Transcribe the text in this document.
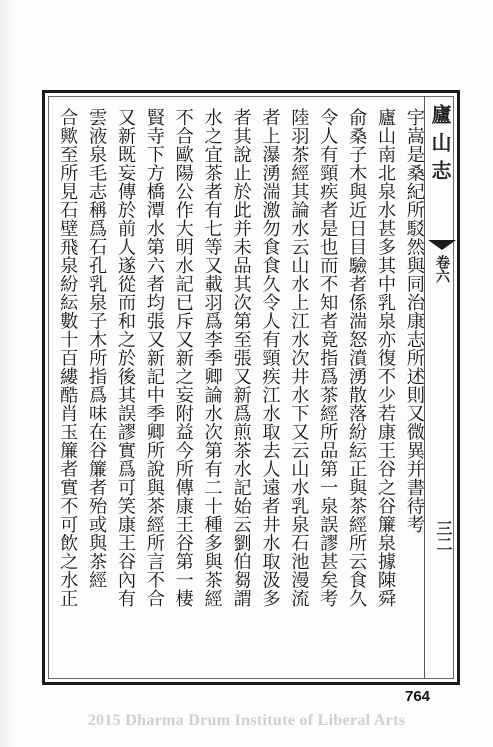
廬山志
卷六
三二
宇嵩是桑紀所駁然與同治康志所述則又微異并書待考
廬山南北泉水甚多其中乳泉亦復不少若康王谷之谷簾泉據陳舜
俞桑子木與近日目驗者係湍怒濆湧散落紛紜正與茶經所云食久
令人有頸疾者是也而不知者竟指爲茶經所品第一泉誤謬甚矣考
陸羽茶經其論水云山水上江水次井水下又云山水乳泉石池漫流
者上瀑湧湍激勿食食久令人有頸疾江水取去人遠者井水取汲多
者其說止於此并未品其次第至張又新爲煎茶水記始云劉伯芻謂
水之宜茶者有七等又載羽爲李季卿論水次第有二十種多與茶經
不合歐陽公作大明水記已斥又新之妄附益今所傳康王谷第一棲
賢寺下方橋潭水第六者均張又新記中季卿所說與茶經所言不合
又新既妄傳於前人遂從而和之於後其誤謬實爲可笑康王谷內有
雲液泉毛志稱爲石孔乳泉子木所指爲味在谷簾者殆或與茶經
合歟至所見石壁飛泉紛紜數十百縷酷肖玉簾者實不可飲之水正
764
2015 Dharma Drum Institute of Liberal Arts
